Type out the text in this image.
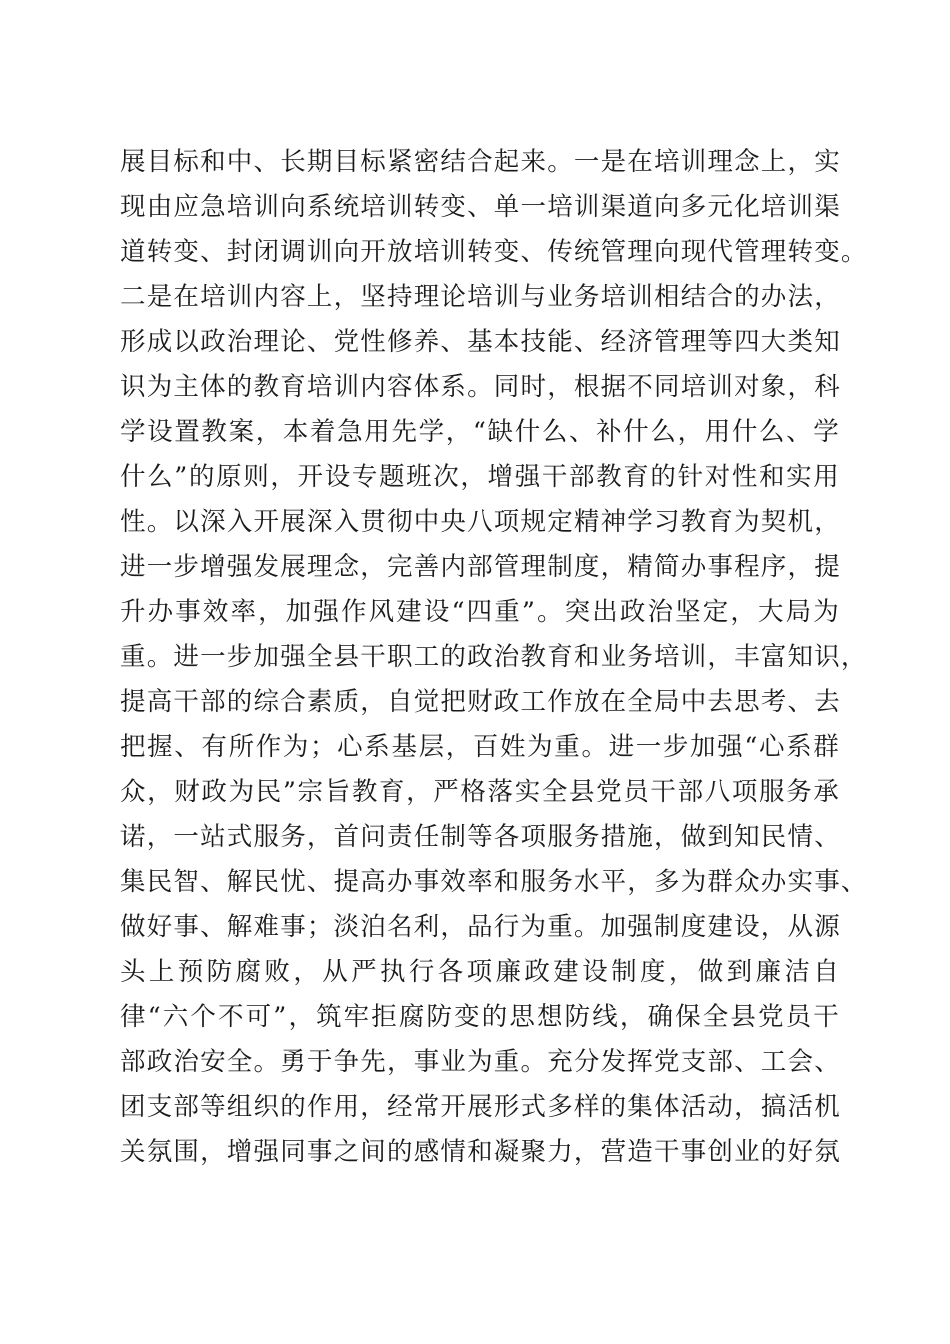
展目标和中、长期目标紧密结合起来。一是在培训理念上，实
现由应急培训向系统培训转变、单一培训渠道向多元化培训渠
道转变、封闭调训向开放培训转变、传统管理向现代管理转变。
二是在培训内容上，坚持理论培训与业务培训相结合的办法，
形成以政治理论、党性修养、基本技能、经济管理等四大类知
识为主体的教育培训内容体系。同时，根据不同培训对象，科
学设置教案，本着急用先学，“缺什么、补什么，用什么、学
什么”的原则，开设专题班次，增强干部教育的针对性和实用
性。以深入开展深入贯彻中央八项规定精神学习教育为契机，
进一步增强发展理念，完善内部管理制度，精简办事程序，提
升办事效率，加强作风建设“四重”。突出政治坚定，大局为
重。进一步加强全县干职工的政治教育和业务培训，丰富知识，
提高干部的综合素质，自觉把财政工作放在全局中去思考、去
把握、有所作为；心系基层，百姓为重。进一步加强“心系群
众，财政为民”宗旨教育，严格落实全县党员干部八项服务承
诺，一站式服务，首问责任制等各项服务措施，做到知民情、
集民智、解民忧、提高办事效率和服务水平，多为群众办实事、
做好事、解难事；淡泊名利，品行为重。加强制度建设，从源
头上预防腐败，从严执行各项廉政建设制度，做到廉洁自
律“六个不可”，筑牢拒腐防变的思想防线，确保全县党员干
部政治安全。勇于争先，事业为重。充分发挥党支部、工会、
团支部等组织的作用，经常开展形式多样的集体活动，搞活机
关氛围，增强同事之间的感情和凝聚力，营造干事创业的好氛
